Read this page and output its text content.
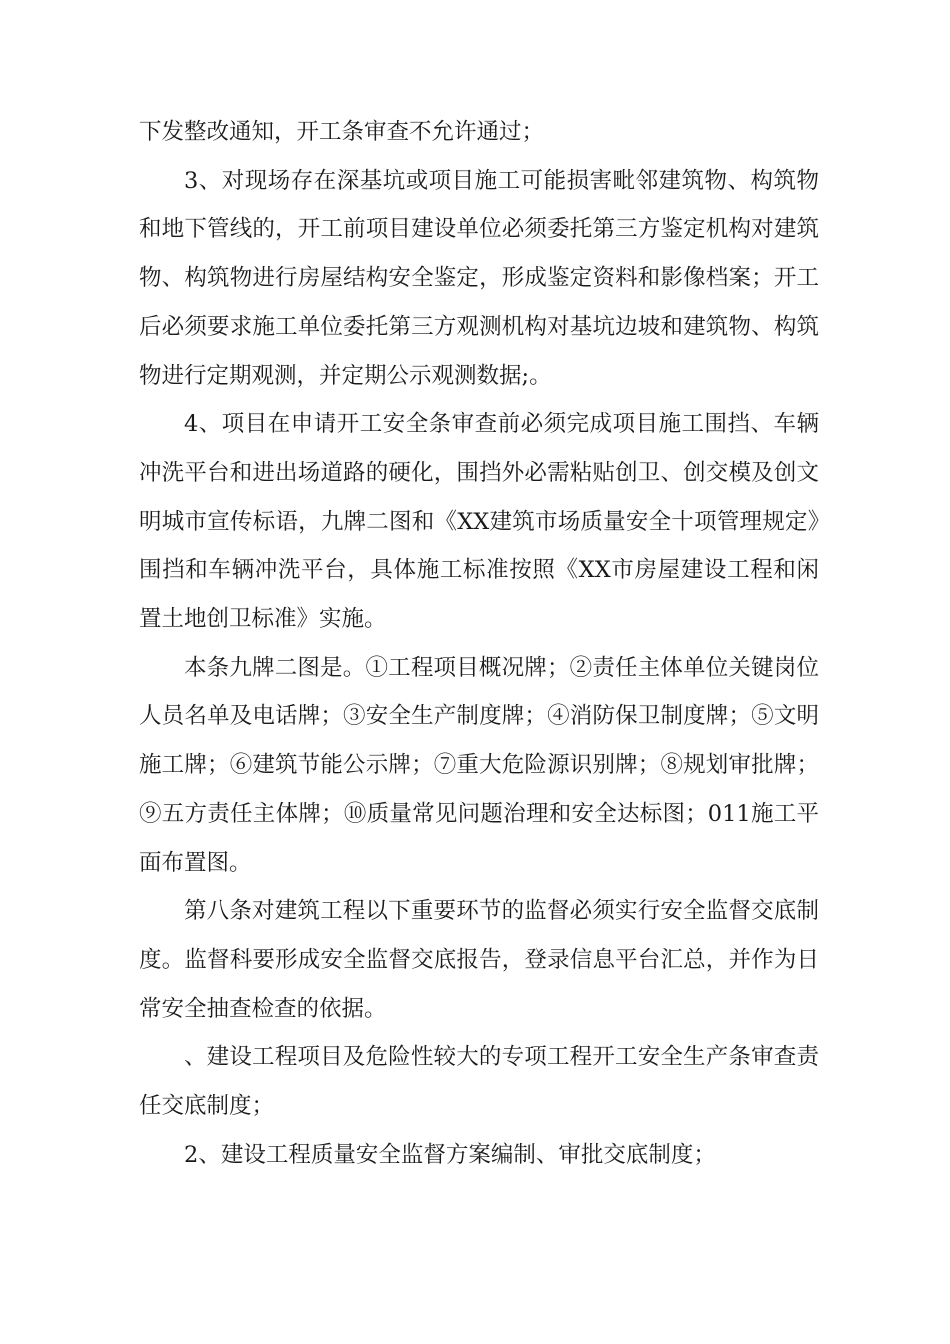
下发整改通知，开工条审查不允许通过；

3、对现场存在深基坑或项目施工可能损害毗邻建筑物、构筑物和地下管线的，开工前项目建设单位必须委托第三方鉴定机构对建筑物、构筑物进行房屋结构安全鉴定，形成鉴定资料和影像档案；开工后必须要求施工单位委托第三方观测机构对基坑边坡和建筑物、构筑物进行定期观测，并定期公示观测数据;。

4、项目在申请开工安全条审查前必须完成项目施工围挡、车辆冲洗平台和进出场道路的硬化，围挡外必需粘贴创卫、创交模及创文明城市宣传标语，九牌二图和《XX建筑市场质量安全十项管理规定》围挡和车辆冲洗平台，具体施工标准按照《XX市房屋建设工程和闲置土地创卫标准》实施。

本条九牌二图是。①工程项目概况牌；②责任主体单位关键岗位人员名单及电话牌；③安全生产制度牌；④消防保卫制度牌；⑤文明施工牌；⑥建筑节能公示牌；⑦重大危险源识别牌；⑧规划审批牌；⑨五方责任主体牌；⑩质量常见问题治理和安全达标图；011施工平面布置图。

第八条对建筑工程以下重要环节的监督必须实行安全监督交底制度。监督科要形成安全监督交底报告，登录信息平台汇总，并作为日常安全抽查检查的依据。

、建设工程项目及危险性较大的专项工程开工安全生产条审查责任交底制度；

2、建设工程质量安全监督方案编制、审批交底制度；
